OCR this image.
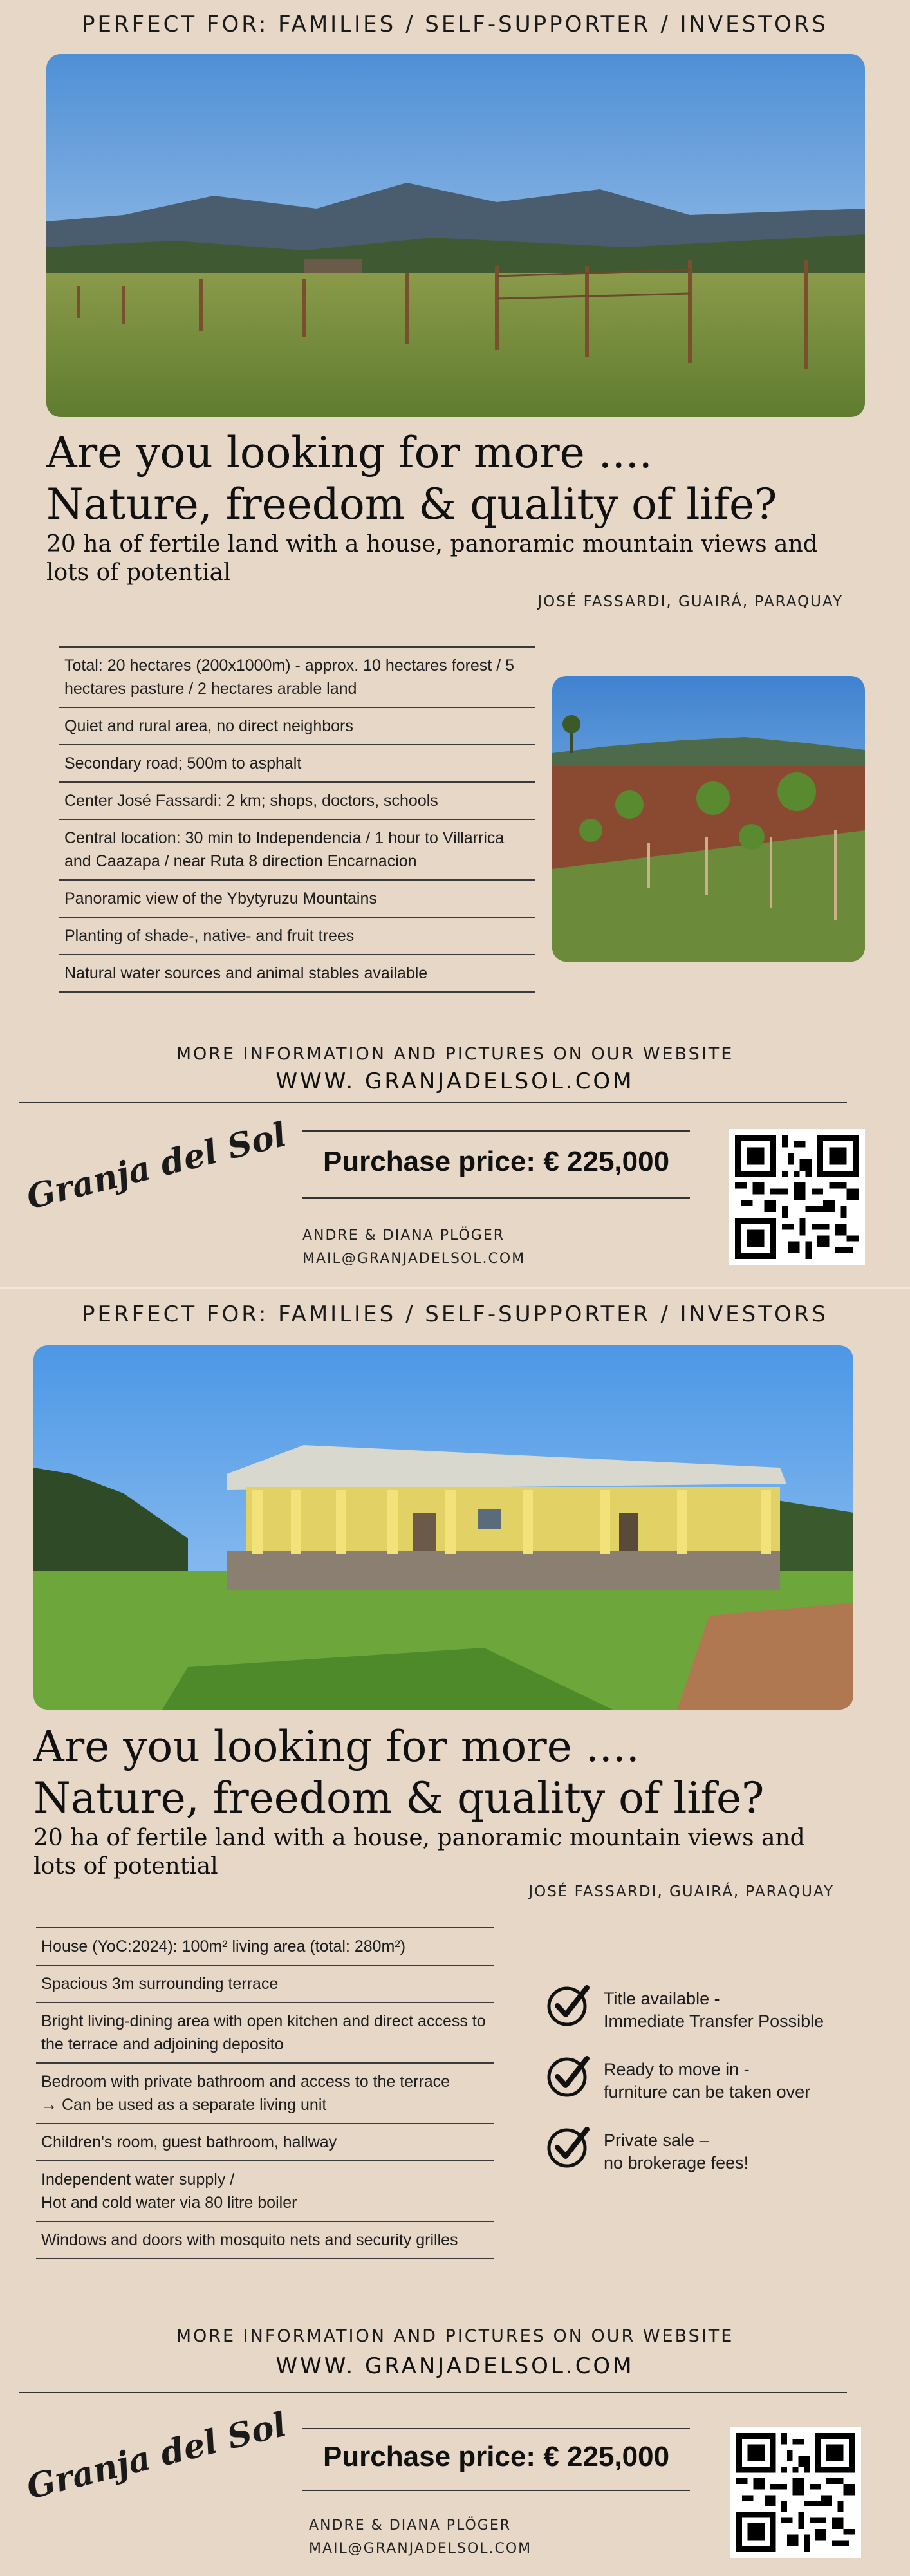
PERFECT FOR: FAMILIES / SELF-SUPPORTER / INVESTORS
Are you looking for more ....
Nature, freedom & quality of life?
20 ha of fertile land with a house, panoramic mountain views and lots of potential
JOSÉ FASSARDI, GUAIRÁ, PARAQUAY
Total: 20 hectares (200x1000m) - approx. 10 hectares forest / 5 hectares pasture / 2 hectares arable land
Quiet and rural area, no direct neighbors
Secondary road; 500m to asphalt
Center José Fassardi: 2 km; shops, doctors, schools
Central location: 30 min to Independencia / 1 hour to Villarrica and Caazapa / near Ruta 8 direction Encarnacion
Panoramic view of the Ybytyruzu Mountains
Planting of shade-, native- and fruit trees
Natural water sources and animal stables available
MORE INFORMATION AND PICTURES ON OUR WEBSITE
WWW. GRANJADELSOL.COM
Granja del Sol	Purchase price: € 225,000
ANDRE & DIANA PLÖGER
MAIL@GRANJADELSOL.COM
PERFECT FOR: FAMILIES / SELF-SUPPORTER / INVESTORS
Are you looking for more ....
Nature, freedom & quality of life?
20 ha of fertile land with a house, panoramic mountain views and lots of potential
JOSÉ FASSARDI, GUAIRÁ, PARAQUAY
House (YoC:2024): 100m² living area (total: 280m²)
Spacious 3m surrounding terrace
Bright living-dining area with open kitchen and direct access to the terrace and adjoining deposito
Bedroom with private bathroom and access to the terrace
→ Can be used as a separate living unit
Children's room, guest bathroom, hallway
Independent water supply /
Hot and cold water via 80 litre boiler
Windows and doors with mosquito nets and security grilles
Title available -
Immediate Transfer Possible
Ready to move in -
furniture can be taken over
Private sale –
no brokerage fees!
MORE INFORMATION AND PICTURES ON OUR WEBSITE
WWW. GRANJADELSOL.COM
Granja del Sol	Purchase price: € 225,000
ANDRE & DIANA PLÖGER
MAIL@GRANJADELSOL.COM
